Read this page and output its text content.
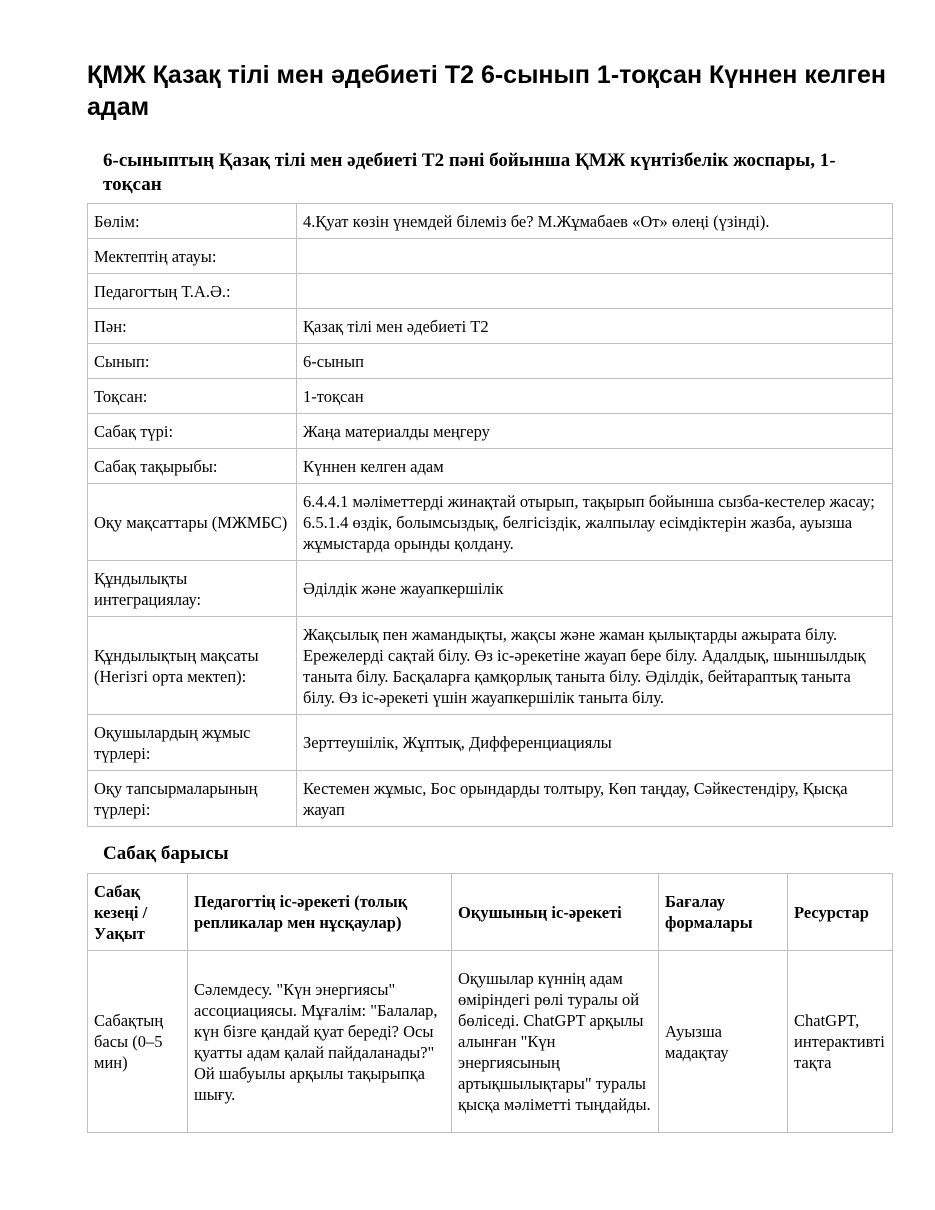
ҚМЖ Қазақ тілі мен әдебиеті Т2 6-сынып 1-тоқсан Күннен келген адам
6-сыныптың Қазақ тілі мен әдебиеті Т2 пәні бойынша ҚМЖ күнтізбелік жоспары, 1-тоқсан
Бөлім:	4.Қуат көзін үнемдей білеміз бе? М.Жұмабаев «От» өлеңі (үзінді).
Мектептің атауы:	
Педагогтың Т.А.Ә.:	
Пән:	Қазақ тілі мен әдебиеті Т2
Сынып:	6-сынып
Тоқсан:	1-тоқсан
Сабақ түрі:	Жаңа материалды меңгеру
Сабақ тақырыбы:	Күннен келген адам
Оқу мақсаттары (МЖМБС)	6.4.4.1 мәліметтерді жинақтай отырып, тақырып бойынша сызба-кестелер жасау; 6.5.1.4 өздік, болымсыздық, белгісіздік, жалпылау есімдіктерін жазба, ауызша жұмыстарда орынды қолдану.
Құндылықты интеграциялау:	Әділдік және жауапкершілік
Құндылықтың мақсаты (Негізгі орта мектеп):	Жақсылық пен жамандықты, жақсы және жаман қылықтарды ажырата білу. Ережелерді сақтай білу. Өз іс-әрекетіне жауап бере білу. Адалдық, шыншылдық таныта білу. Басқаларға қамқорлық таныта білу. Әділдік, бейтараптық таныта білу. Өз іс-әрекеті үшін жауапкершілік таныта білу.
Оқушылардың жұмыс түрлері:	Зерттеушілік, Жұптық, Дифференциациялы
Оқу тапсырмаларының түрлері:	Кестемен жұмыс, Бос орындарды толтыру, Көп таңдау, Сәйкестендіру, Қысқа жауап
Сабақ барысы
Сабақ кезеңі / Уақыт	Педагогтің іс-әрекеті (толық репликалар мен нұсқаулар)	Оқушының іс-әрекеті	Бағалау формалары	Ресурстар
Сабақтың басы (0–5 мин)	Сәлемдесу. "Күн энергиясы" ассоциациясы. Мұғалім: "Балалар, күн бізге қандай қуат береді? Осы қуатты адам қалай пайдаланады?" Ой шабуылы арқылы тақырыпқа шығу.	Оқушылар күннің адам өміріндегі рөлі туралы ой бөліседі. ChatGPT арқылы алынған "Күн энергиясының артықшылықтары" туралы қысқа мәліметті тыңдайды.	Ауызша мадақтау	ChatGPT, интерактивті тақта
